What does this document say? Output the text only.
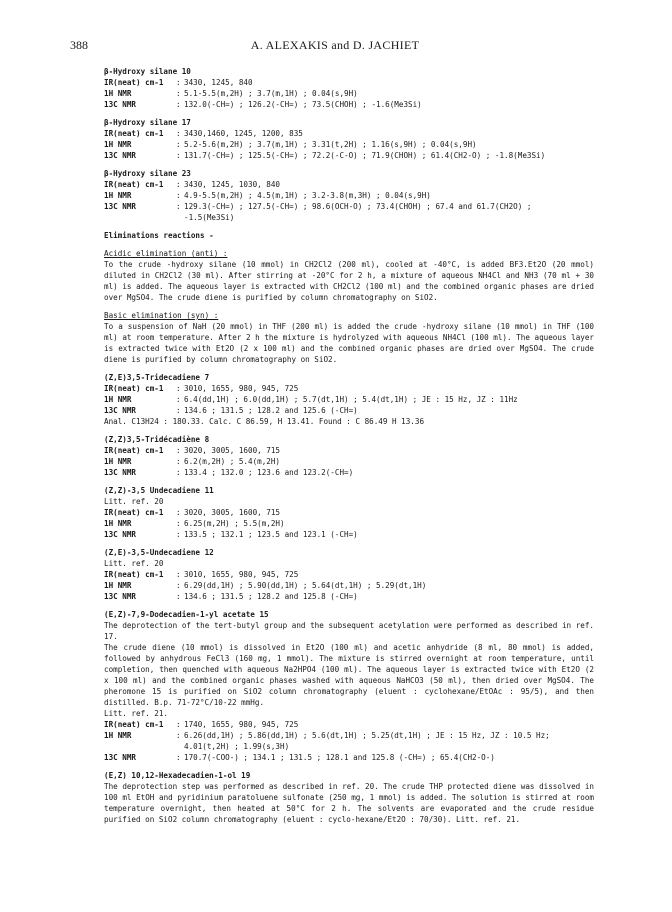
388	A. ALEXAKIS and D. JACHIET
β-Hydroxy silane 10
IR(neat) cm-1	: 3430, 1245, 840
1H NMR	: 5.1-5.5(m,2H) ; 3.7(m,1H) ; 0.04(s,9H)
13C NMR	: 132.0(-CH=) ; 126.2(-CH=) ; 73.5(CHOH) ; -1.6(Me3Si)
β-Hydroxy silane 17
IR(neat) cm-1	: 3430,1460, 1245, 1200, 835
1H NMR	: 5.2-5.6(m,2H) ; 3.7(m,1H) ; 3.31(t,2H) ; 1.16(s,9H) ; 0.04(s,9H)
13C NMR	: 131.7(-CH=) ; 125.5(-CH=) ; 72.2(-C-O) ; 71.9(CHOH) ; 61.4(CH2-O) ; -1.8(Me3Si)
β-Hydroxy silane 23
IR(neat) cm-1	: 3430, 1245, 1030, 840
1H NMR	: 4.9-5.5(m,2H) ; 4.5(m,1H) ; 3.2-3.8(m,3H) ; 0.04(s,9H)
13C NMR	: 129.3(-CH=) ; 127.5(-CH=) ; 98.6(OCH-O) ; 73.4(CHOH) ; 67.4 and 61.7(CH2O) ;
-1.5(Me3Si)
Eliminations reactions -
Acidic elimination (anti) :
To the crude -hydroxy silane (10 mmol) in CH2Cl2 (200 ml), cooled at -40°C, is added BF3.Et2O (20 mmol) diluted in CH2Cl2 (30 ml). After stirring at -20°C for 2 h, a mixture of aqueous NH4Cl and NH3 (70 ml + 30 ml) is added. The aqueous layer is extracted with CH2Cl2 (100 ml) and the combined organic phases are dried over MgSO4. The crude diene is purified by column chromatography on SiO2.
Basic elimination (syn) :
To a suspension of NaH (20 mmol) in THF (200 ml) is added the crude -hydroxy silane (10 mmol) in THF (100 ml) at room temperature. After 2 h the mixture is hydrolyzed with aqueous NH4Cl (100 ml). The aqueous layer is extracted twice with Et2O (2 x 100 ml) and the combined organic phases are dried over MgSO4. The crude diene is purified by column chromatography on SiO2.
(Z,E)3,5-Tridecadiene 7
IR(neat) cm-1	: 3010, 1655, 980, 945, 725
1H NMR	: 6.4(dd,1H) ; 6.0(dd,1H) ; 5.7(dt,1H) ; 5.4(dt,1H) ; JE : 15 Hz, JZ : 11Hz
13C NMR	: 134.6 ; 131.5 ; 128.2 and 125.6 (-CH=)
Anal. C13H24 : 180.33. Calc. C 86.59, H 13.41. Found : C 86.49 H 13.36
(Z,Z)3,5-Tridécadiène 8
IR(neat) cm-1	: 3020, 3005, 1600, 715
1H NMR	: 6.2(m,2H) ; 5.4(m,2H)
13C NMR	: 133.4 ; 132.0 ; 123.6 and 123.2(-CH=)
(Z,Z)-3,5 Undecadiene 11
Litt. ref. 20
IR(neat) cm-1	: 3020, 3005, 1600, 715
1H NMR	: 6.25(m,2H) ; 5.5(m,2H)
13C NMR	: 133.5 ; 132.1 ; 123.5 and 123.1 (-CH=)
(Z,E)-3,5-Undecadiene 12
Litt. ref. 20
IR(neat) cm-1	: 3010, 1655, 980, 945, 725
1H NMR	: 6.29(dd,1H) ; 5.90(dd,1H) ; 5.64(dt,1H) ; 5.29(dt,1H)
13C NMR	: 134.6 ; 131.5 ; 128.2 and 125.8 (-CH=)
(E,Z)-7,9-Dodecadien-1-yl acetate 15
The deprotection of the tert-butyl group and the subsequent acetylation were performed as described in ref. 17.
The crude diene (10 mmol) is dissolved in Et2O (100 ml) and acetic anhydride (8 ml, 80 mmol) is added, followed by anhydrous FeCl3 (160 mg, 1 mmol). The mixture is stirred overnight at room temperature, until completion, then quenched with aqueous Na2HPO4 (100 ml). The aqueous layer is extracted twice with Et2O (2 x 100 ml) and the combined organic phases washed with aqueous NaHCO3 (50 ml), then dried over MgSO4. The pheromone 15 is purified on SiO2 column chromatography (eluent : cyclohexane/EtOAc : 95/5), and then distilled. B.p. 71-72°C/10-22 mmHg.
Litt. ref. 21.
IR(neat) cm-1	: 1740, 1655, 980, 945, 725
1H NMR	: 6.26(dd,1H) ; 5.86(dd,1H) ; 5.6(dt,1H) ; 5.25(dt,1H) ; JE : 15 Hz, JZ : 10.5 Hz;
4.01(t,2H) ; 1.99(s,3H)
13C NMR	: 170.7(-COO-) ; 134.1 ; 131.5 ; 128.1 and 125.8 (-CH=) ; 65.4(CH2-O-)
(E,Z) 10,12-Hexadecadien-1-ol 19
The deprotection step was performed as described in ref. 20. The crude THP protected diene was dissolved in 100 ml EtOH and pyridinium paratoluene sulfonate (250 mg, 1 mmol) is added. The solution is stirred at room temperature overnight, then heated at 50°C for 2 h. The solvents are evaporated and the crude residue purified on SiO2 column chromatography (eluent : cyclo-hexane/Et2O : 70/30). Litt. ref. 21.
